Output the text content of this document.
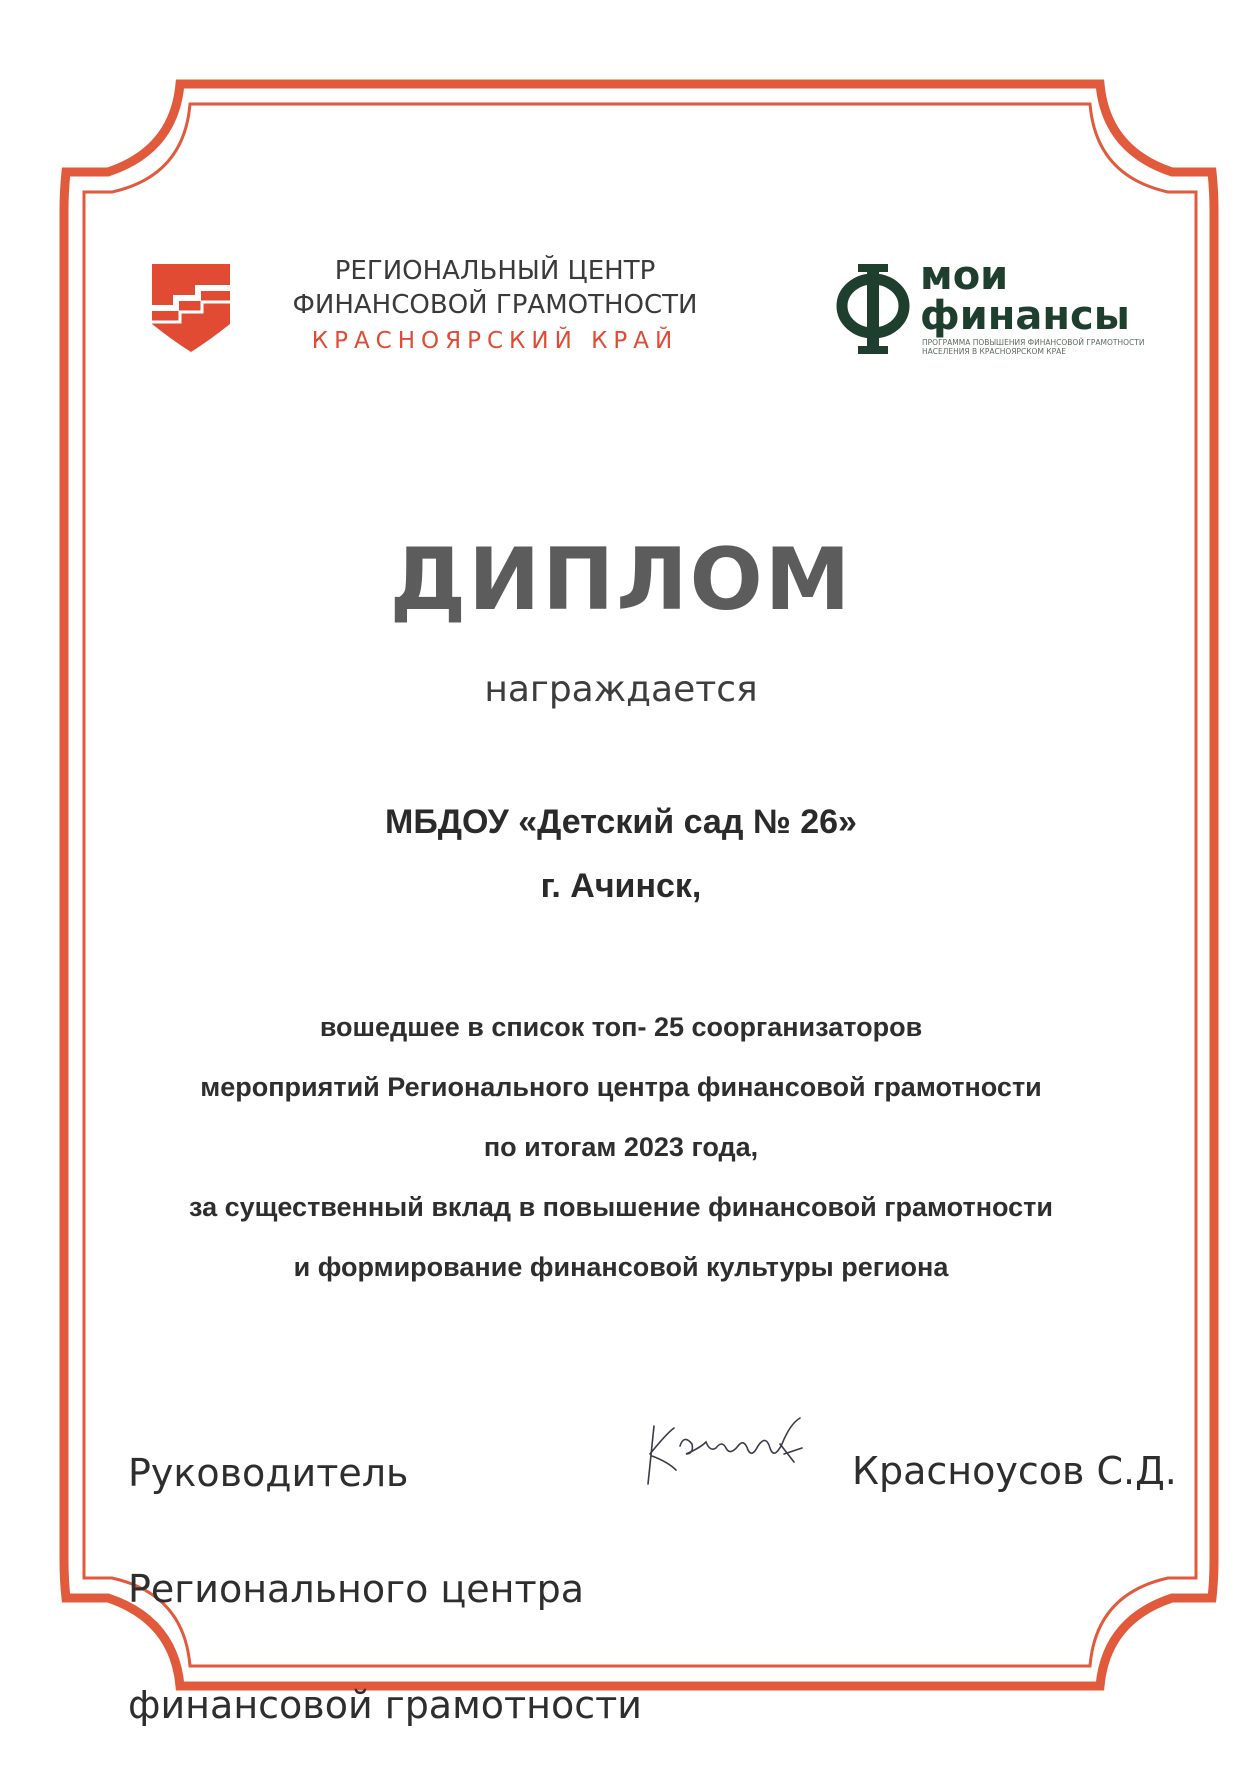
РЕГИОНАЛЬНЫЙ ЦЕНТР
ФИНАНСОВОЙ ГРАМОТНОСТИ
КРАСНОЯРСКИЙ КРАЙ
мои
финансы
ПРОГРАММА ПОВЫШЕНИЯ ФИНАНСОВОЙ ГРАМОТНОСТИ
НАСЕЛЕНИЯ В КРАСНОЯРСКОМ КРАЕ
ДИПЛОМ
награждается
МБДОУ «Детский сад № 26»
г. Ачинск,
вошедшее в список топ- 25 соорганизаторов
мероприятий Регионального центра финансовой грамотности
по итогам 2023 года,
за существенный вклад в повышение финансовой грамотности
и формирование финансовой культуры региона

Руководитель

Регионального центра

финансовой грамотности

Красноусов С.Д.
